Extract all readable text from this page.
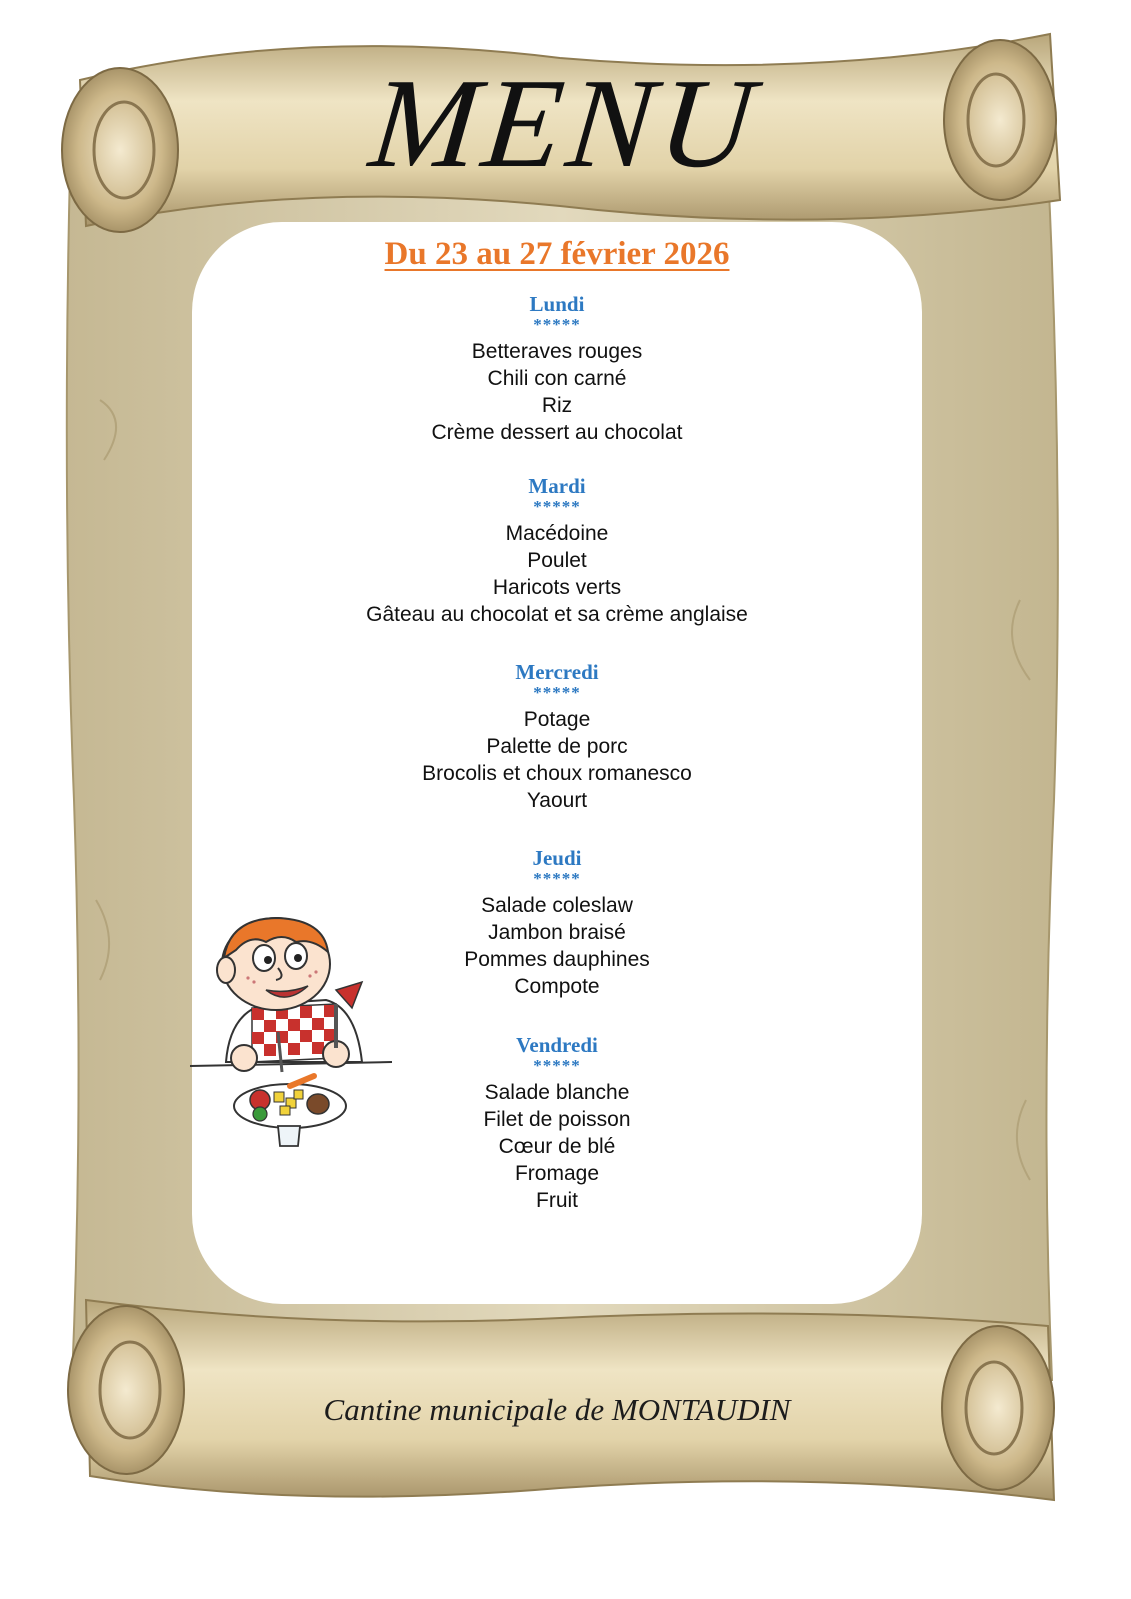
MENU
Du 23 au 27 février 2026
Lundi
*****
Betteraves rouges
Chili con carné
Riz
Crème dessert au chocolat
Mardi
*****
Macédoine
Poulet
Haricots verts
Gâteau au chocolat et sa crème anglaise
Mercredi
*****
Potage
Palette de porc
Brocolis et choux romanesco
Yaourt
Jeudi
*****
Salade coleslaw
Jambon braisé
Pommes dauphines
Compote
Vendredi
*****
Salade blanche
Filet de poisson
Cœur de blé
Fromage
Fruit
Cantine municipale de MONTAUDIN
